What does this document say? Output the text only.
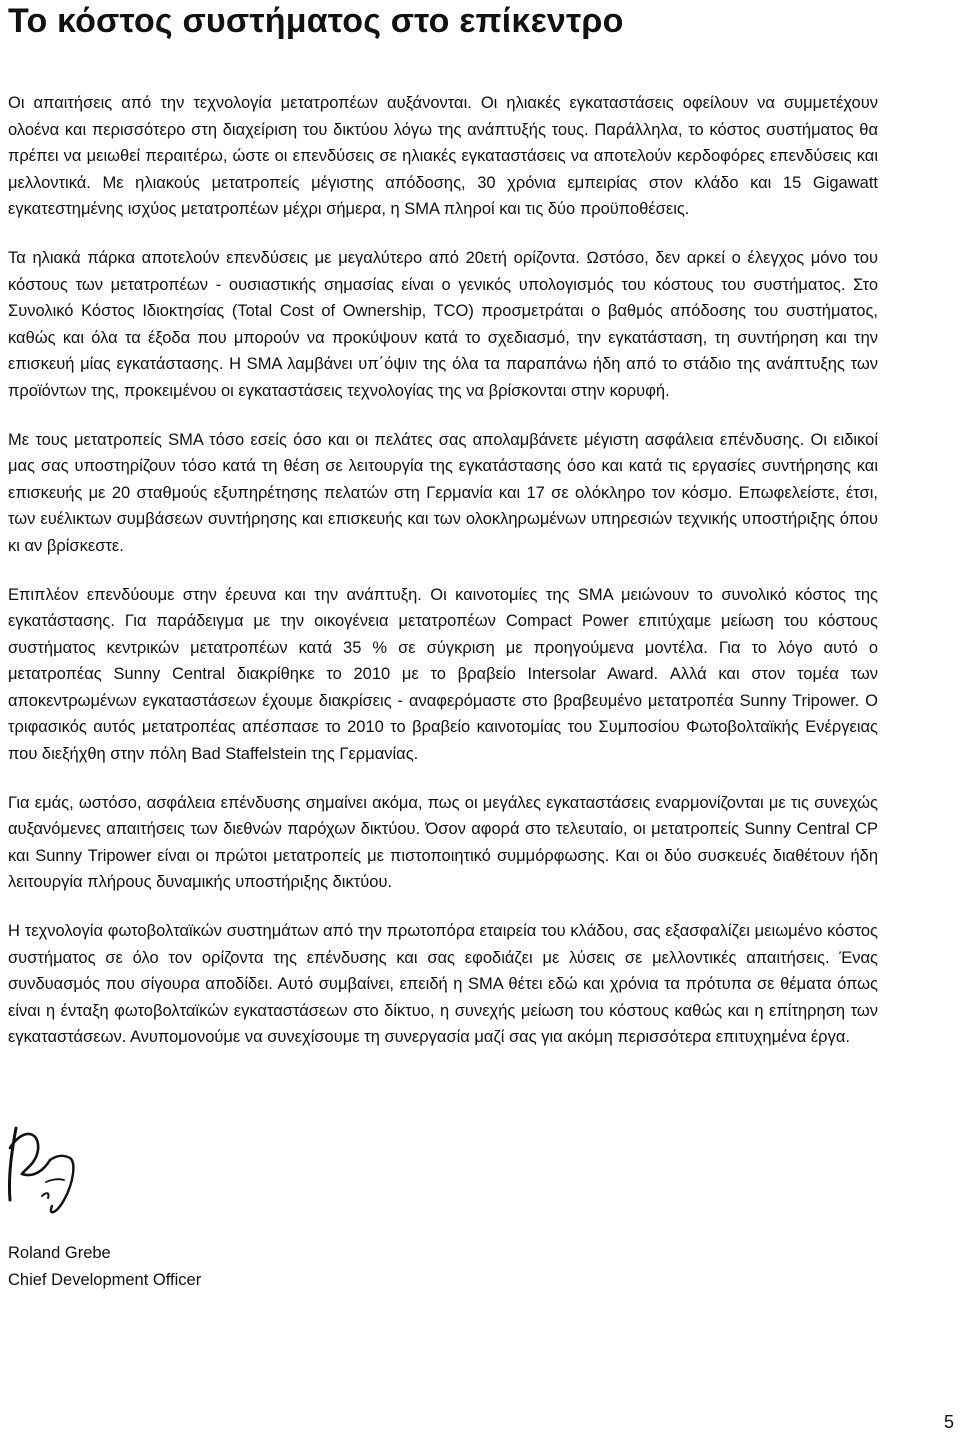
Το κόστος συστήματος στο επίκεντρο

Οι απαιτήσεις από την τεχνολογία μετατροπέων αυξάνονται. Οι ηλιακές εγκαταστάσεις οφείλουν να συμμετέχουν ολοένα και περισσότερο στη διαχείριση του δικτύου λόγω της ανάπτυξής τους. Παράλληλα, το κόστος συστήματος θα πρέπει να μειωθεί περαιτέρω, ώστε οι επενδύσεις σε ηλιακές εγκαταστάσεις να αποτελούν κερδοφόρες επενδύσεις και μελλοντικά. Με ηλιακούς μετατροπείς μέγιστης απόδοσης, 30 χρόνια εμπειρίας στον κλάδο και 15 Gigawatt εγκατεστημένης ισχύος μετατροπέων μέχρι σήμερα, η SMA πληροί και τις δύο προϋποθέσεις.

Τα ηλιακά πάρκα αποτελούν επενδύσεις με μεγαλύτερο από 20ετή ορίζοντα. Ωστόσο, δεν αρκεί ο έλεγχος μόνο του κόστους των μετατροπέων - ουσιαστικής σημασίας είναι ο γενικός υπολογισμός του κόστους του συστήματος. Στο Συνολικό Κόστος Ιδιοκτησίας (Total Cost of Ownership, TCO) προσμετράται ο βαθμός απόδοσης του συστήματος, καθώς και όλα τα έξοδα που μπορούν να προκύψουν κατά το σχεδιασμό, την εγκατάσταση, τη συντήρηση και την επισκευή μίας εγκατάστασης. Η SMA λαμβάνει υπ΄όψιν της όλα τα παραπάνω ήδη από το στάδιο της ανάπτυξης των προϊόντων της, προκειμένου οι εγκαταστάσεις τεχνολογίας της να βρίσκονται στην κορυφή.

Με τους μετατροπείς SMA τόσο εσείς όσο και οι πελάτες σας απολαμβάνετε μέγιστη ασφάλεια επένδυσης. Οι ειδικοί μας σας υποστηρίζουν τόσο κατά τη θέση σε λειτουργία της εγκατάστασης όσο και κατά τις εργασίες συντήρησης και επισκευής με 20 σταθμούς εξυπηρέτησης πελατών στη Γερμανία και 17 σε ολόκληρο τον κόσμο. Επωφελείστε, έτσι, των ευέλικτων συμβάσεων συντήρησης και επισκευής και των ολοκληρωμένων υπηρεσιών τεχνικής υποστήριξης όπου κι αν βρίσκεστε.

Επιπλέον επενδύουμε στην έρευνα και την ανάπτυξη. Οι καινοτομίες της SMA μειώνουν το συνολικό κόστος της εγκατάστασης. Για παράδειγμα με την οικογένεια μετατροπέων Compact Power επιτύχαμε μείωση του κόστους συστήματος κεντρικών μετατροπέων κατά 35 % σε σύγκριση με προηγούμενα μοντέλα. Για το λόγο αυτό ο μετατροπέας Sunny Central διακρίθηκε το 2010 με το βραβείο Intersolar Award. Αλλά και στον τομέα των αποκεντρωμένων εγκαταστάσεων έχουμε διακρίσεις - αναφερόμαστε στο βραβευμένο μετατροπέα Sunny Tripower. Ο τριφασικός αυτός μετατροπέας απέσπασε το 2010 το βραβείο καινοτομίας του Συμποσίου Φωτοβολταϊκής Ενέργειας που διεξήχθη στην πόλη Bad Staffelstein της Γερμανίας.

Για εμάς, ωστόσο, ασφάλεια επένδυσης σημαίνει ακόμα, πως οι μεγάλες εγκαταστάσεις εναρμονίζονται με τις συνεχώς αυξανόμενες απαιτήσεις των διεθνών παρόχων δικτύου. Όσον αφορά στο τελευταίο, οι μετατροπείς Sunny Central CP και Sunny Tripower είναι οι πρώτοι μετατροπείς με πιστοποιητικό συμμόρφωσης. Και οι δύο συσκευές διαθέτουν ήδη λειτουργία πλήρους δυναμικής υποστήριξης δικτύου.

Η τεχνολογία φωτοβολταϊκών συστημάτων από την πρωτοπόρα εταιρεία του κλάδου, σας εξασφαλίζει μειωμένο κόστος συστήματος σε όλο τον ορίζοντα της επένδυσης και σας εφοδιάζει με λύσεις σε μελλοντικές απαιτήσεις. Ένας συνδυασμός που σίγουρα αποδίδει. Αυτό συμβαίνει, επειδή η SMA θέτει εδώ και χρόνια τα πρότυπα σε θέματα όπως είναι η ένταξη φωτοβολταϊκών εγκαταστάσεων στο δίκτυο, η συνεχής μείωση του κόστους καθώς και η επίτηρηση των εγκαταστάσεων. Ανυπομονούμε να συνεχίσουμε τη συνεργασία μαζί σας για ακόμη περισσότερα επιτυχημένα έργα.

Roland Grebe
Chief Development Officer
5
